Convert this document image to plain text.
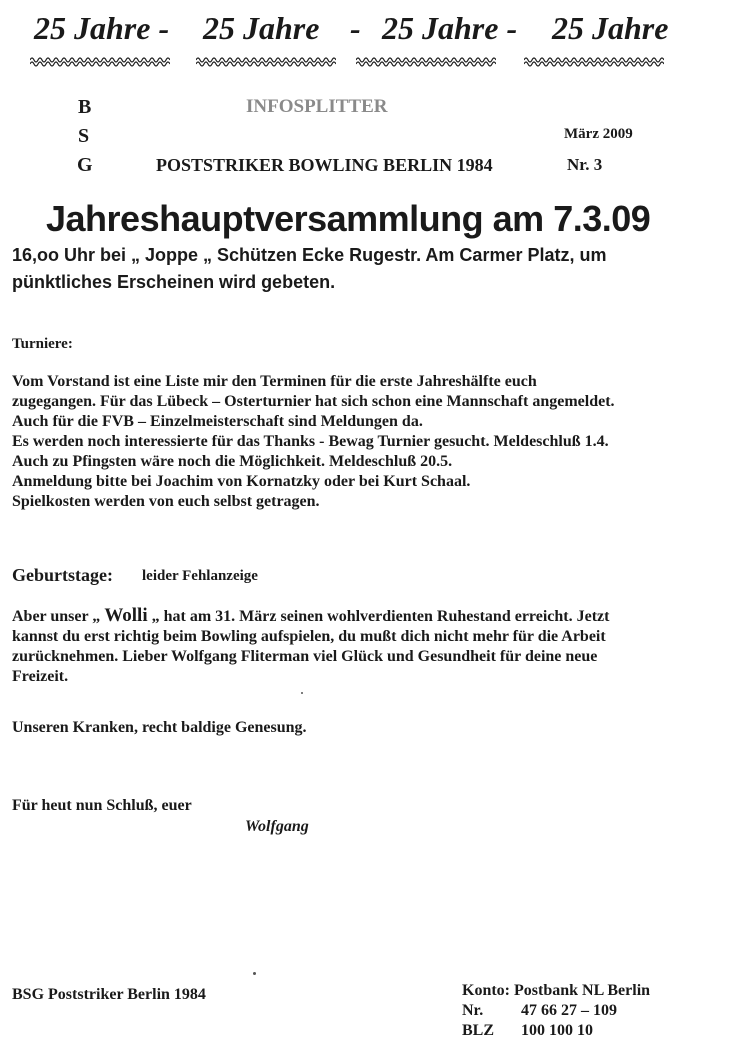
25 Jahre - 25 Jahre - 25 Jahre - 25 Jahre
B
S
G
INFOSPLITTER
März 2009
POSTSTRIKER BOWLING BERLIN 1984	Nr. 3
Jahreshauptversammlung am 7.3.09
16,oo Uhr bei „ Joppe „ Schützen Ecke Rugestr. Am Carmer Platz, um
pünktliches Erscheinen wird gebeten.
Turniere:
Vom Vorstand ist eine Liste mir den Terminen für die erste Jahreshälfte euch
zugegangen. Für das Lübeck – Osterturnier hat sich schon eine Mannschaft angemeldet.
Auch für die FVB – Einzelmeisterschaft sind Meldungen da.
Es werden noch interessierte für das Thanks - Bewag Turnier gesucht. Meldeschluß 1.4.
Auch zu Pfingsten wäre noch die Möglichkeit. Meldeschluß 20.5.
Anmeldung bitte bei Joachim von Kornatzky oder bei Kurt Schaal.
Spielkosten werden von euch selbst getragen.
Geburtstage: leider Fehlanzeige
Aber unser „ Wolli „ hat am 31. März seinen wohlverdienten Ruhestand erreicht. Jetzt
kannst du erst richtig beim Bowling aufspielen, du mußt dich nicht mehr für die Arbeit
zurücknehmen. Lieber Wolfgang Fliterman viel Glück und Gesundheit für deine neue
Freizeit.
Unseren Kranken, recht baldige Genesung.
Für heut nun Schluß, euer
Wolfgang
BSG Poststriker Berlin 1984	Konto: Postbank NL Berlin
Nr. 47 66 27 – 109
BLZ 100 100 10
